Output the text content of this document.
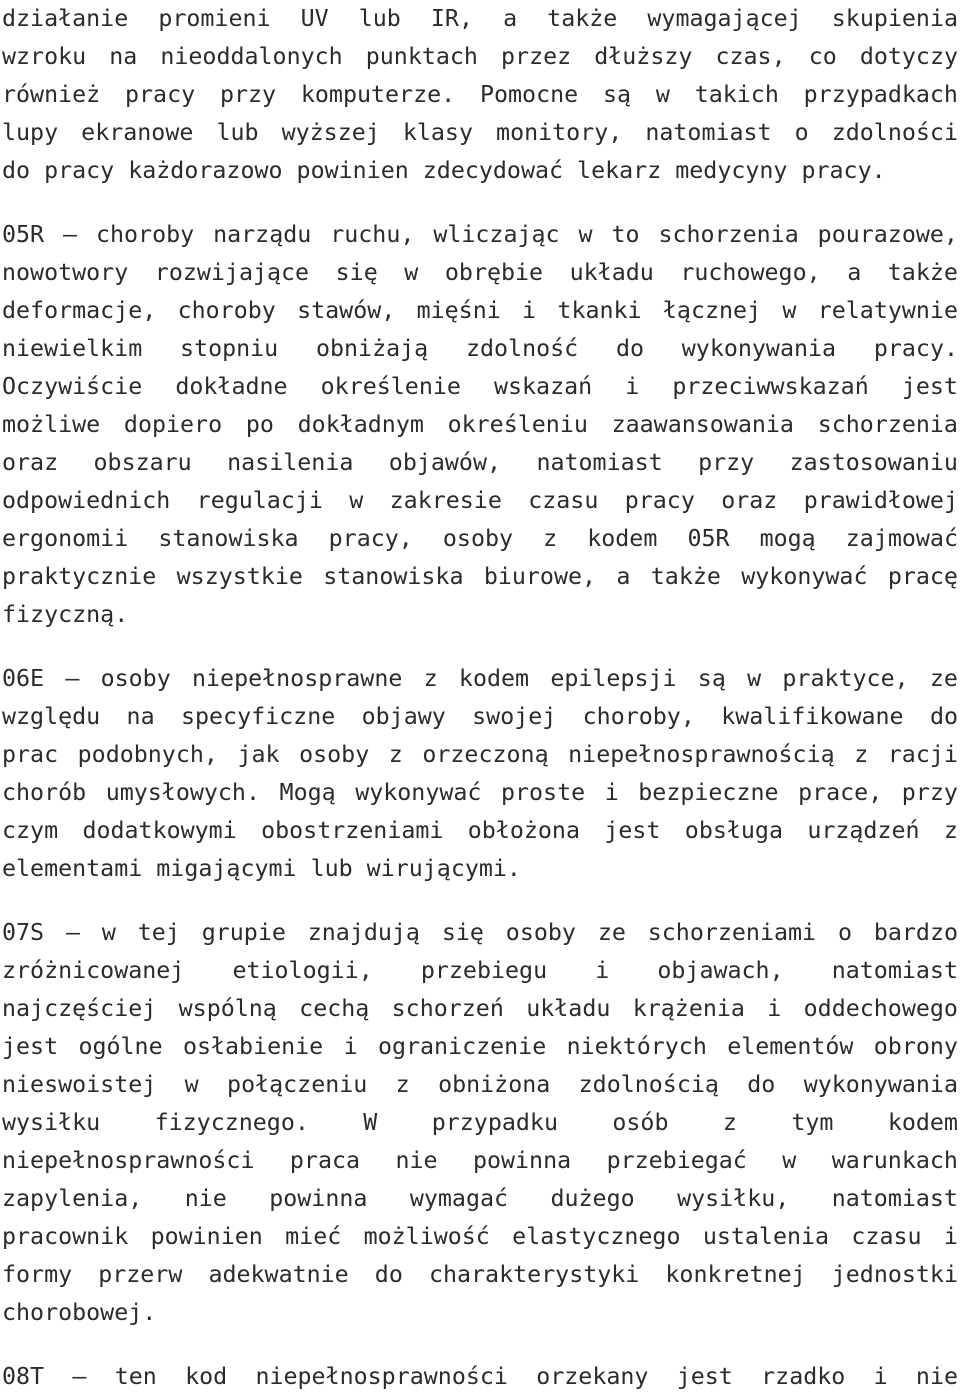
działanie promieni UV lub IR, a także wymagającej skupienia
wzroku na nieoddalonych punktach przez dłuższy czas, co dotyczy
również pracy przy komputerze. Pomocne są w takich przypadkach
lupy ekranowe lub wyższej klasy monitory, natomiast o zdolności
do pracy każdorazowo powinien zdecydować lekarz medycyny pracy.
05R – choroby narządu ruchu, wliczając w to schorzenia pourazowe,
nowotwory rozwijające się w obrębie układu ruchowego, a także
deformacje, choroby stawów, mięśni i tkanki łącznej w relatywnie
niewielkim stopniu obniżają zdolność do wykonywania pracy.
Oczywiście dokładne określenie wskazań i przeciwwskazań jest
możliwe dopiero po dokładnym określeniu zaawansowania schorzenia
oraz obszaru nasilenia objawów, natomiast przy zastosowaniu
odpowiednich regulacji w zakresie czasu pracy oraz prawidłowej
ergonomii stanowiska pracy, osoby z kodem 05R mogą zajmować
praktycznie wszystkie stanowiska biurowe, a także wykonywać pracę
fizyczną.
06E – osoby niepełnosprawne z kodem epilepsji są w praktyce, ze
względu na specyficzne objawy swojej choroby, kwalifikowane do
prac podobnych, jak osoby z orzeczoną niepełnosprawnością z racji
chorób umysłowych. Mogą wykonywać proste i bezpieczne prace, przy
czym dodatkowymi obostrzeniami obłożona jest obsługa urządzeń z
elementami migającymi lub wirującymi.
07S – w tej grupie znajdują się osoby ze schorzeniami o bardzo
zróżnicowanej etiologii, przebiegu i objawach, natomiast
najczęściej wspólną cechą schorzeń układu krążenia i oddechowego
jest ogólne osłabienie i ograniczenie niektórych elementów obrony
nieswoistej w połączeniu z obniżona zdolnością do wykonywania
wysiłku fizycznego. W przypadku osób z tym kodem
niepełnosprawności praca nie powinna przebiegać w warunkach
zapylenia, nie powinna wymagać dużego wysiłku, natomiast
pracownik powinien mieć możliwość elastycznego ustalenia czasu i
formy przerw adekwatnie do charakterystyki konkretnej jednostki
chorobowej.
08T – ten kod niepełnosprawności orzekany jest rzadko i nie
